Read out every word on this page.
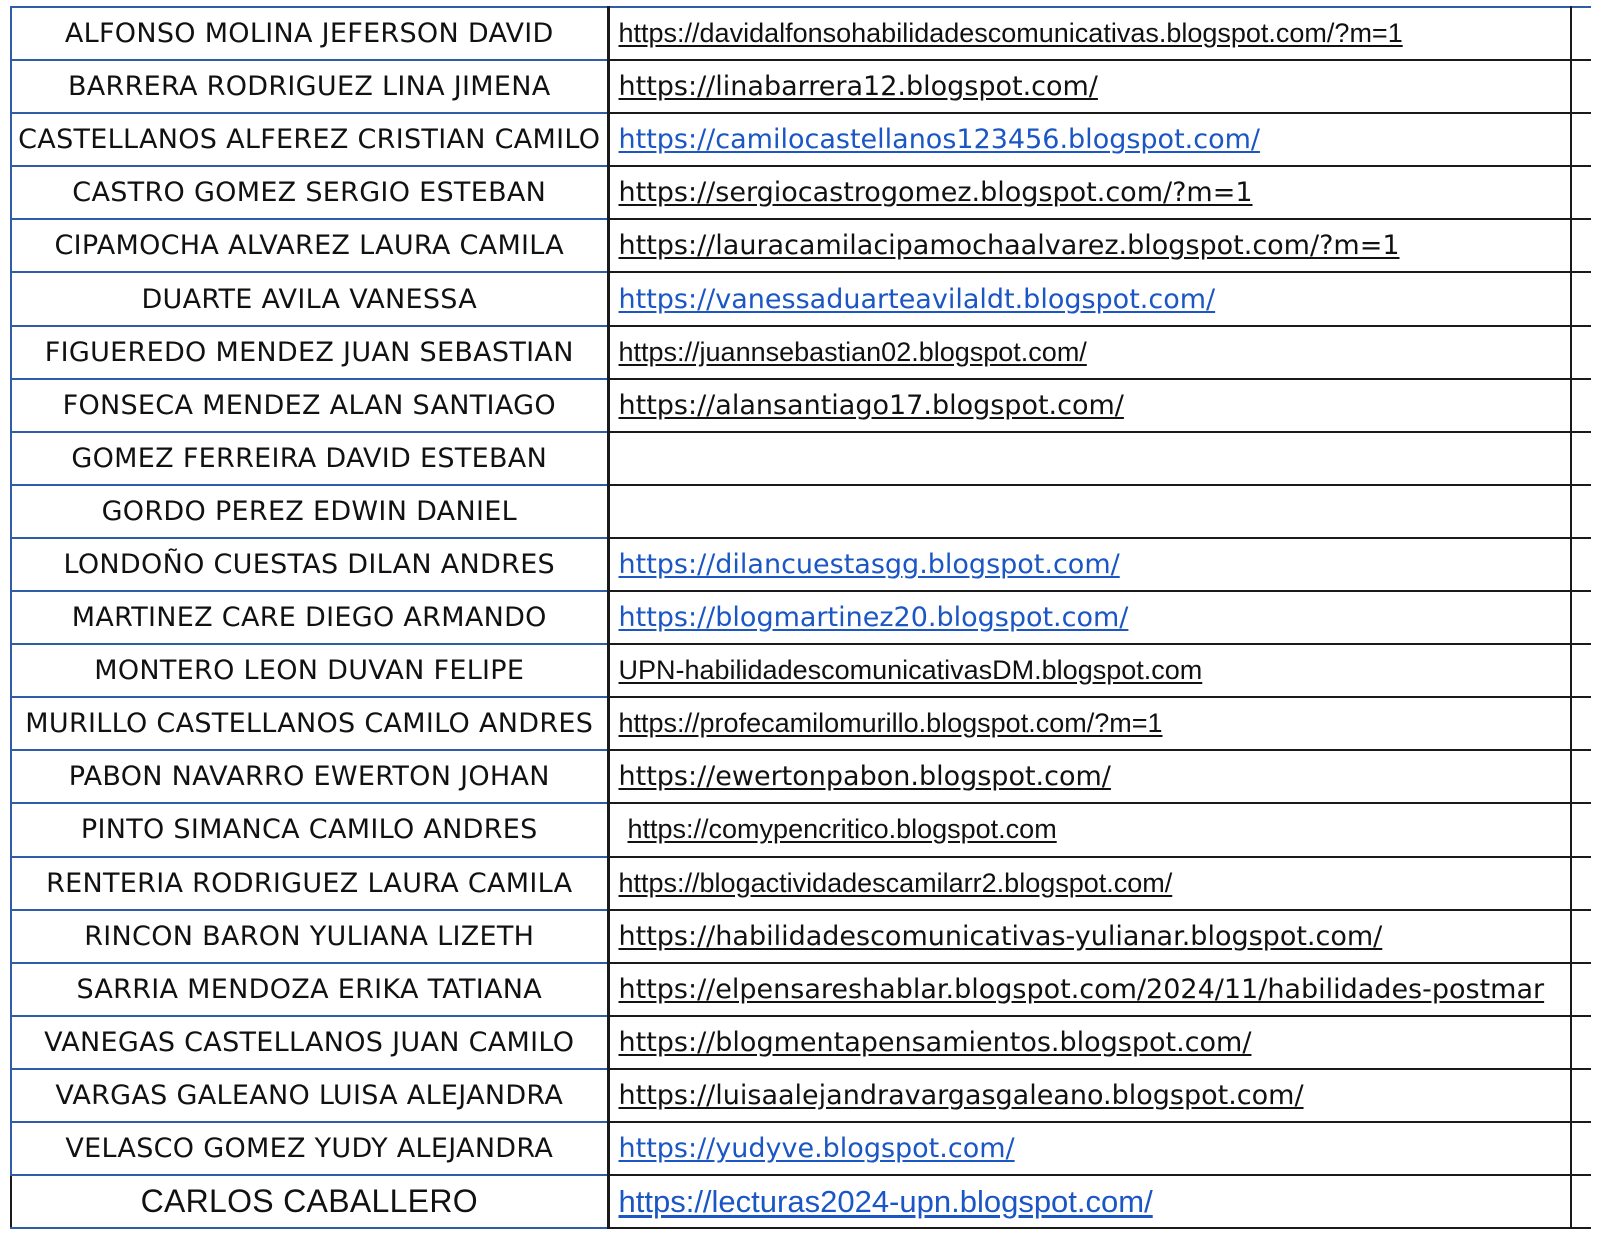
ALFONSO MOLINA JEFERSON DAVID	https://davidalfonsohabilidadescomunicativas.blogspot.com/?m=1	
BARRERA RODRIGUEZ LINA JIMENA	https://linabarrera12.blogspot.com/	
CASTELLANOS ALFEREZ CRISTIAN CAMILO	https://camilocastellanos123456.blogspot.com/	
CASTRO GOMEZ SERGIO ESTEBAN	https://sergiocastrogomez.blogspot.com/?m=1	
CIPAMOCHA ALVAREZ LAURA CAMILA	https://lauracamilacipamochaalvarez.blogspot.com/?m=1	
DUARTE AVILA VANESSA	https://vanessaduarteavilaldt.blogspot.com/	
FIGUEREDO MENDEZ JUAN SEBASTIAN	https://juannsebastian02.blogspot.com/	
FONSECA MENDEZ ALAN SANTIAGO	https://alansantiago17.blogspot.com/	
GOMEZ FERREIRA DAVID ESTEBAN		
GORDO PEREZ EDWIN DANIEL		
LONDOÑO CUESTAS DILAN ANDRES	https://dilancuestasgg.blogspot.com/	
MARTINEZ CARE DIEGO ARMANDO	https://blogmartinez20.blogspot.com/	
MONTERO LEON DUVAN FELIPE	UPN-habilidadescomunicativasDM.blogspot.com	
MURILLO CASTELLANOS CAMILO ANDRES	https://profecamilomurillo.blogspot.com/?m=1	
PABON NAVARRO EWERTON JOHAN	https://ewertonpabon.blogspot.com/	
PINTO SIMANCA CAMILO ANDRES	https://comypencritico.blogspot.com	
RENTERIA RODRIGUEZ LAURA CAMILA	https://blogactividadescamilarr2.blogspot.com/	
RINCON BARON YULIANA LIZETH	https://habilidadescomunicativas-yulianar.blogspot.com/	
SARRIA MENDOZA ERIKA TATIANA	https://elpensareshablar.blogspot.com/2024/11/habilidades-postmar	
VANEGAS CASTELLANOS JUAN CAMILO	https://blogmentapensamientos.blogspot.com/	
VARGAS GALEANO LUISA ALEJANDRA	https://luisaalejandravargasgaleano.blogspot.com/	
VELASCO GOMEZ YUDY ALEJANDRA	https://yudyve.blogspot.com/	
CARLOS CABALLERO	https://lecturas2024-upn.blogspot.com/	
